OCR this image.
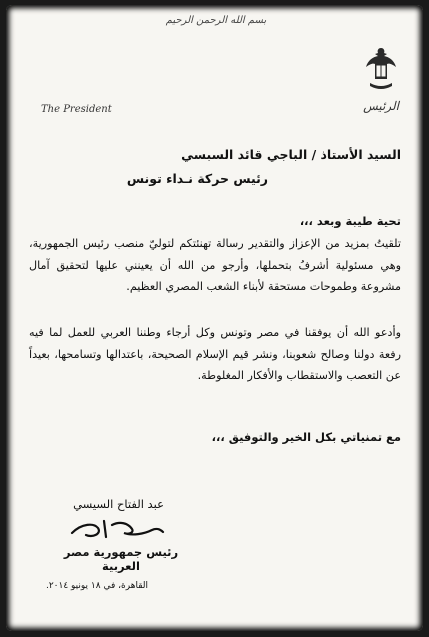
بسم الله الرحمن الرحيم
الرئيس
The President
السيد الأستاذ / الباجي قائد السبسي
رئيس حركة نـداء تونس
تحية طيبة وبعد ،،،
تلقيتُ بمزيد من الإعزاز والتقدير رسالة تهنئتكم لتوليّ منصب رئيس الجمهورية، وهي مسئولية أشرفُ بتحملها، وأرجو من الله أن يعينني عليها لتحقيق آمال مشروعة وطموحات مستحقة لأبناء الشعب المصري العظيم.
وأدعو الله أن يوفقنا في مصر وتونس وكل أرجاء وطننا العربي للعمل لما فيه رفعة دولنا وصالح شعوبنا، ونشر قيم الإسلام الصحيحة، باعتدالها وتسامحها، بعيداً عن التعصب والاستقطاب والأفكار المغلوطة.
مع تمنياتي بكل الخير والتوفيق ،،،
عبد الفتاح السيسي
رئيس جمهورية مصر العربية
القاهرة، في ١٨ يونيو ٢٠١٤.
